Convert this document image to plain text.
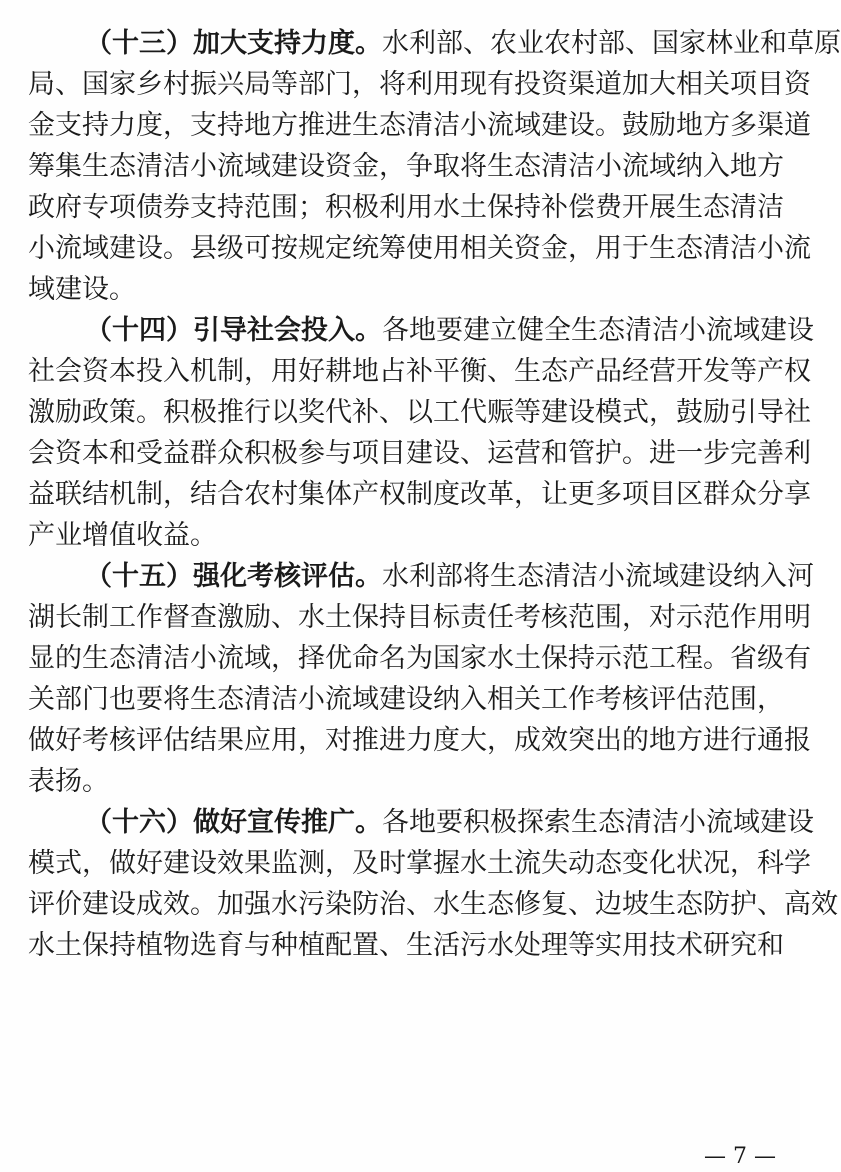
— 7 —
（十三）加大支持力度。水利部、农业农村部、国家林业和草原
局、国家乡村振兴局等部门，将利用现有投资渠道加大相关项目资
金支持力度，支持地方推进生态清洁小流域建设。鼓励地方多渠道
筹集生态清洁小流域建设资金，争取将生态清洁小流域纳入地方
政府专项债券支持范围；积极利用水土保持补偿费开展生态清洁
小流域建设。县级可按规定统筹使用相关资金，用于生态清洁小流
域建设。
（十四）引导社会投入。各地要建立健全生态清洁小流域建设
社会资本投入机制，用好耕地占补平衡、生态产品经营开发等产权
激励政策。积极推行以奖代补、以工代赈等建设模式，鼓励引导社
会资本和受益群众积极参与项目建设、运营和管护。进一步完善利
益联结机制，结合农村集体产权制度改革，让更多项目区群众分享
产业增值收益。
（十五）强化考核评估。水利部将生态清洁小流域建设纳入河
湖长制工作督查激励、水土保持目标责任考核范围，对示范作用明
显的生态清洁小流域，择优命名为国家水土保持示范工程。省级有
关部门也要将生态清洁小流域建设纳入相关工作考核评估范围，
做好考核评估结果应用，对推进力度大，成效突出的地方进行通报
表扬。
（十六）做好宣传推广。各地要积极探索生态清洁小流域建设
模式，做好建设效果监测，及时掌握水土流失动态变化状况，科学
评价建设成效。加强水污染防治、水生态修复、边坡生态防护、高效
水土保持植物选育与种植配置、生活污水处理等实用技术研究和
